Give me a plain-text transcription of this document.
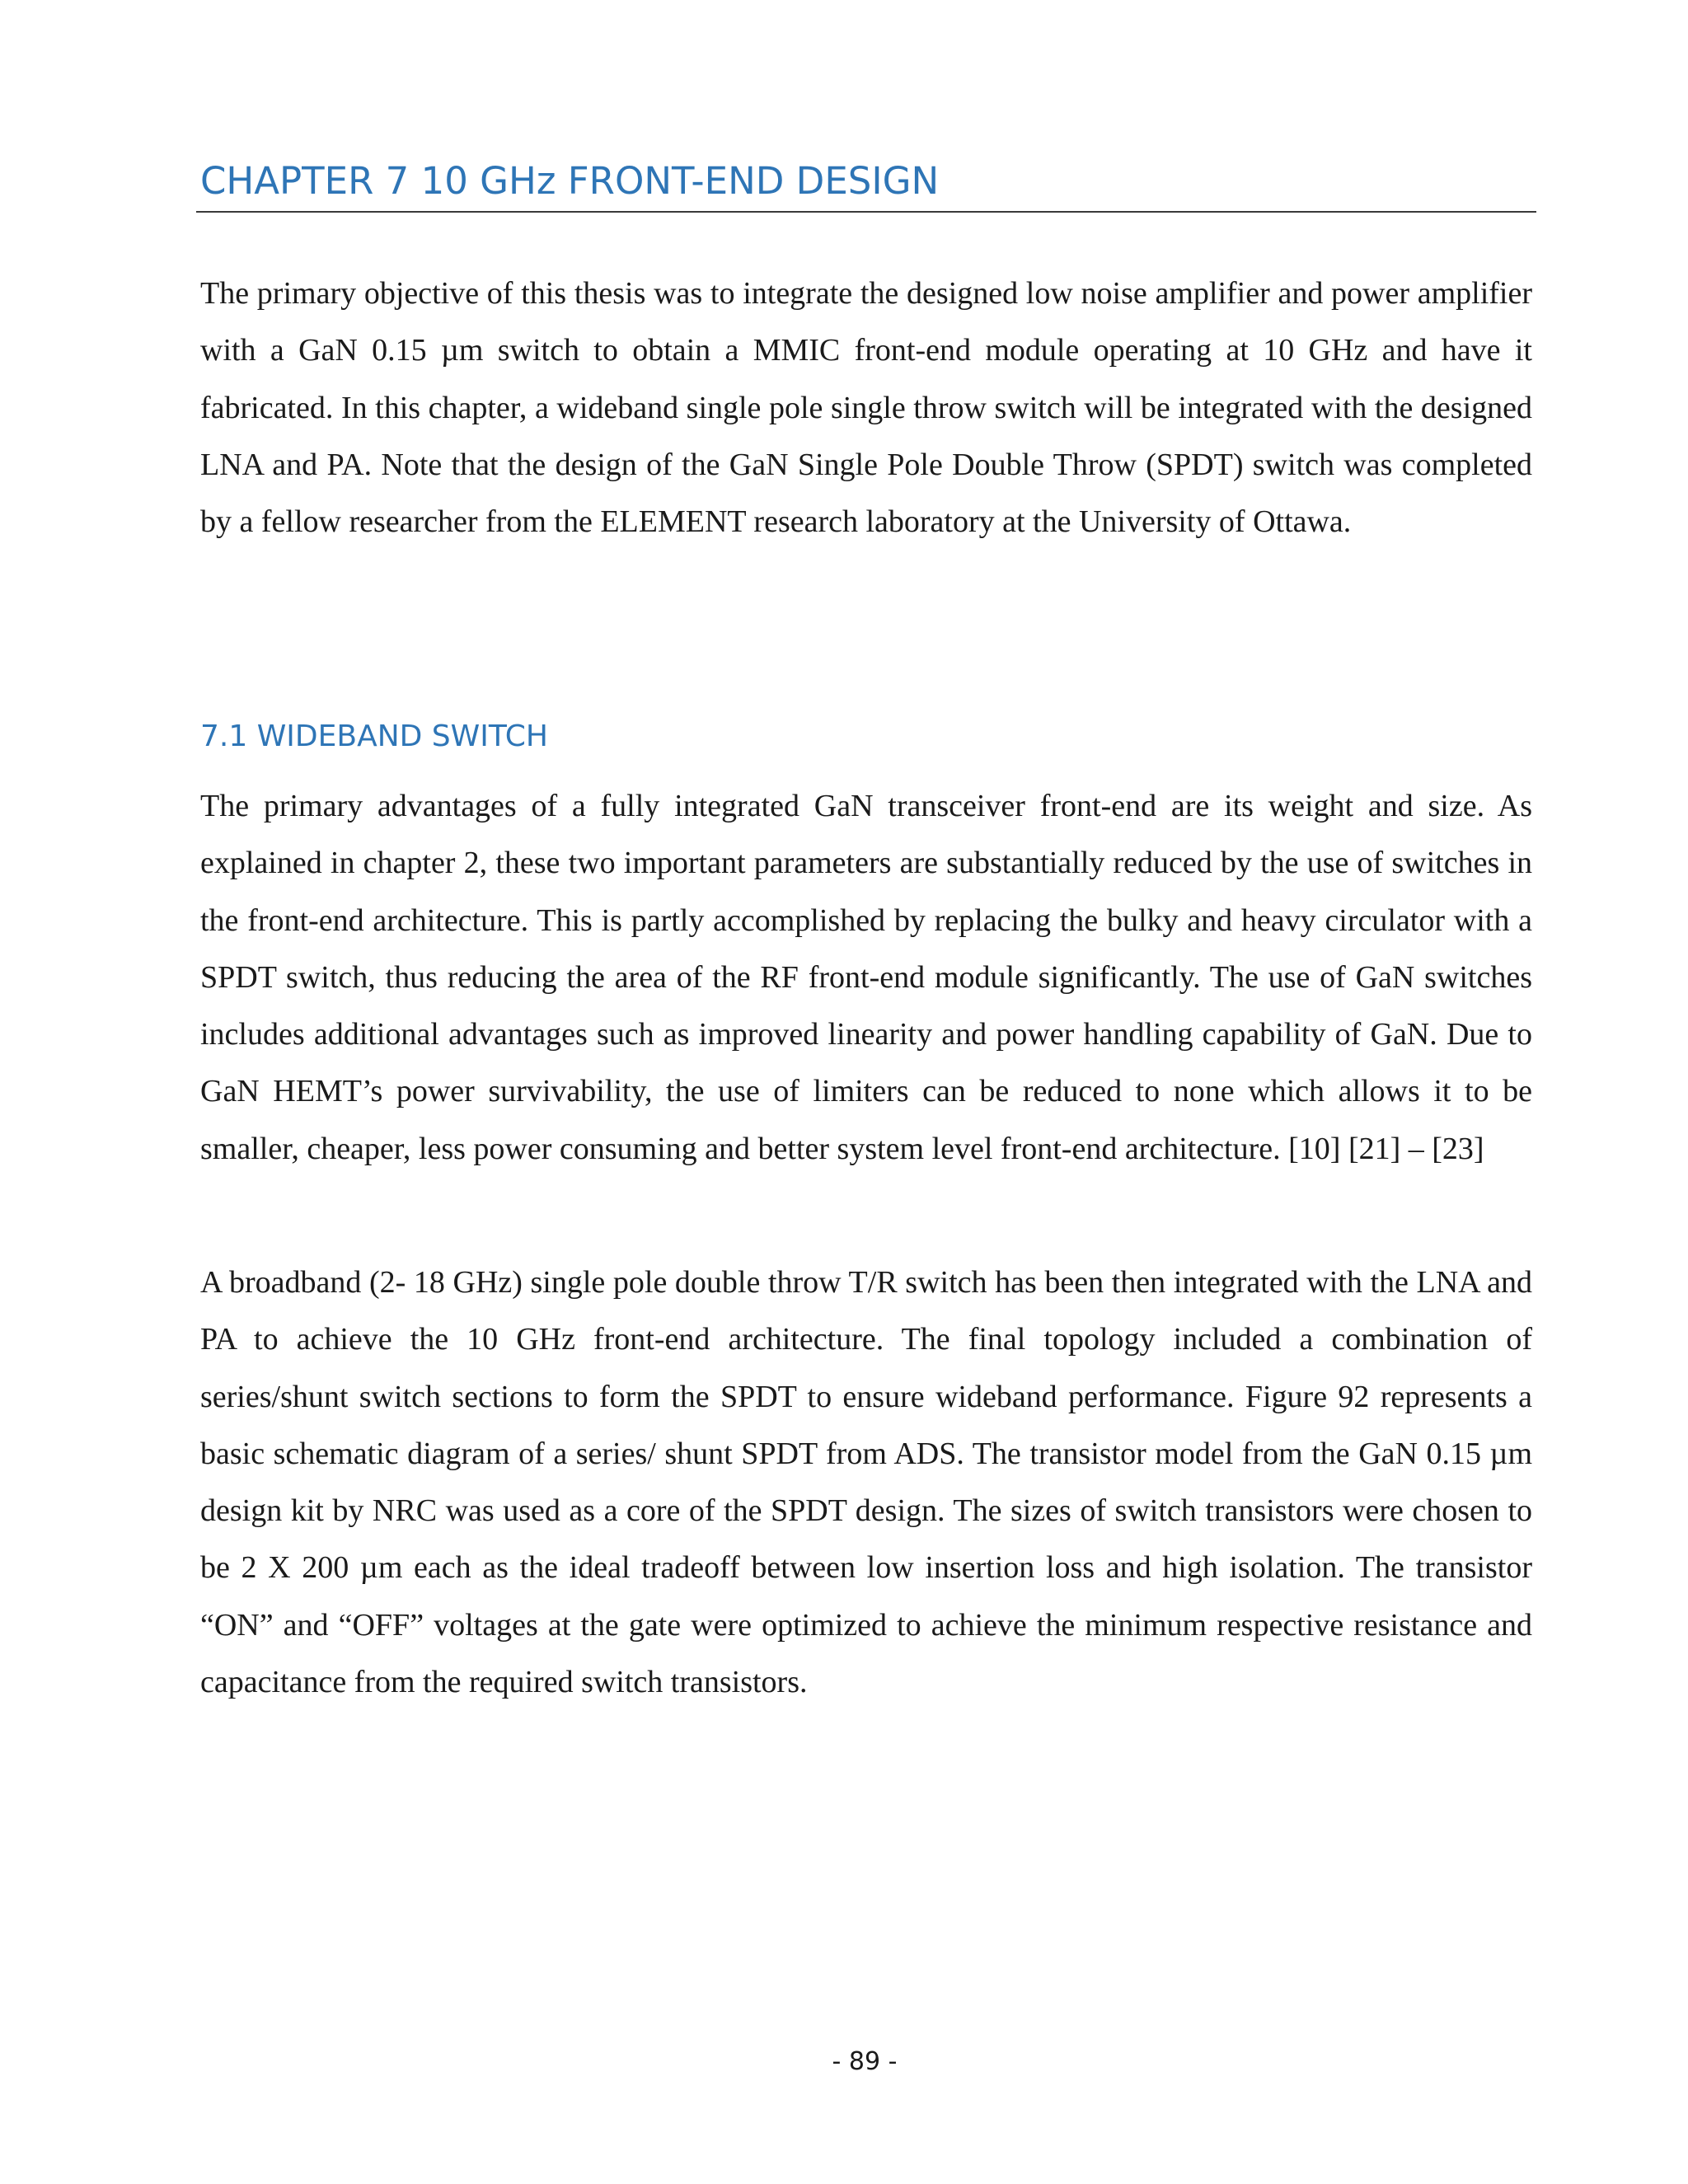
CHAPTER 7 10 GHz FRONT-END DESIGN

The primary objective of this thesis was to integrate the designed low noise amplifier and power amplifier with a GaN 0.15 µm switch to obtain a MMIC front-end module operating at 10 GHz and have it fabricated. In this chapter, a wideband single pole single throw switch will be integrated with the designed LNA and PA. Note that the design of the GaN Single Pole Double Throw (SPDT) switch was completed by a fellow researcher from the ELEMENT research laboratory at the University of Ottawa.

7.1 WIDEBAND SWITCH

The primary advantages of a fully integrated GaN transceiver front-end are its weight and size. As explained in chapter 2, these two important parameters are substantially reduced by the use of switches in the front-end architecture. This is partly accomplished by replacing the bulky and heavy circulator with a SPDT switch, thus reducing the area of the RF front-end module significantly. The use of GaN switches includes additional advantages such as improved linearity and power handling capability of GaN. Due to GaN HEMT’s power survivability, the use of limiters can be reduced to none which allows it to be smaller, cheaper, less power consuming and better system level front-end architecture. [10] [21] – [23]

A broadband (2- 18 GHz) single pole double throw T/R switch has been then integrated with the LNA and PA to achieve the 10 GHz front-end architecture. The final topology included a combination of series/shunt switch sections to form the SPDT to ensure wideband performance. Figure 92 represents a basic schematic diagram of a series/ shunt SPDT from ADS. The transistor model from the GaN 0.15 µm design kit by NRC was used as a core of the SPDT design. The sizes of switch transistors were chosen to be 2 X 200 µm each as the ideal tradeoff between low insertion loss and high isolation. The transistor “ON” and “OFF” voltages at the gate were optimized to achieve the minimum respective resistance and capacitance from the required switch transistors.

- 89 -
